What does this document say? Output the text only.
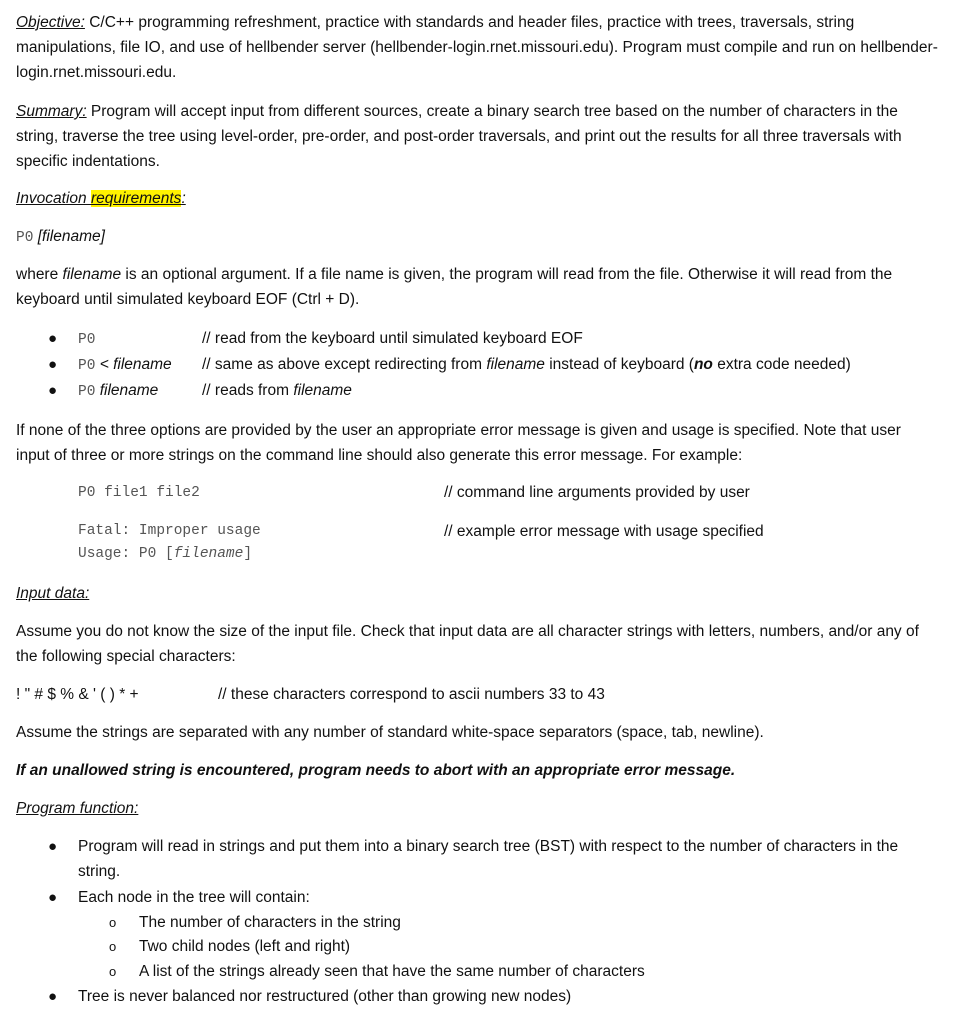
Objective: C/C++ programming refreshment, practice with standards and header files, practice with trees, traversals, string manipulations, file IO, and use of hellbender server (hellbender-login.rnet.missouri.edu). Program must compile and run on hellbender-login.rnet.missouri.edu.
Summary: Program will accept input from different sources, create a binary search tree based on the number of characters in the string, traverse the tree using level-order, pre-order, and post-order traversals, and print out the results for all three traversals with specific indentations.
Invocation requirements:
P0 [filename]
where filename is an optional argument. If a file name is given, the program will read from the file. Otherwise it will read from the keyboard until simulated keyboard EOF (Ctrl + D).
● P0	// read from the keyboard until simulated keyboard EOF
● P0 < filename // same as above except redirecting from filename instead of keyboard (no extra code needed)
● P0 filename	// reads from filename
If none of the three options are provided by the user an appropriate error message is given and usage is specified. Note that user input of three or more strings on the command line should also generate this error message. For example:
P0 file1 file2	// command line arguments provided by user
Fatal: Improper usage	// example error message with usage specified
Usage: P0 [filename]
Input data:
Assume you do not know the size of the input file. Check that input data are all character strings with letters, numbers, and/or any of the following special characters:
! " # $ % & ' ( ) * +	// these characters correspond to ascii numbers 33 to 43
Assume the strings are separated with any number of standard white-space separators (space, tab, newline).
If an unallowed string is encountered, program needs to abort with an appropriate error message.
Program function:
● Program will read in strings and put them into a binary search tree (BST) with respect to the number of characters in the string.
● Each node in the tree will contain:
o The number of characters in the string
o Two child nodes (left and right)
o A list of the strings already seen that have the same number of characters
● Tree is never balanced nor restructured (other than growing new nodes)
